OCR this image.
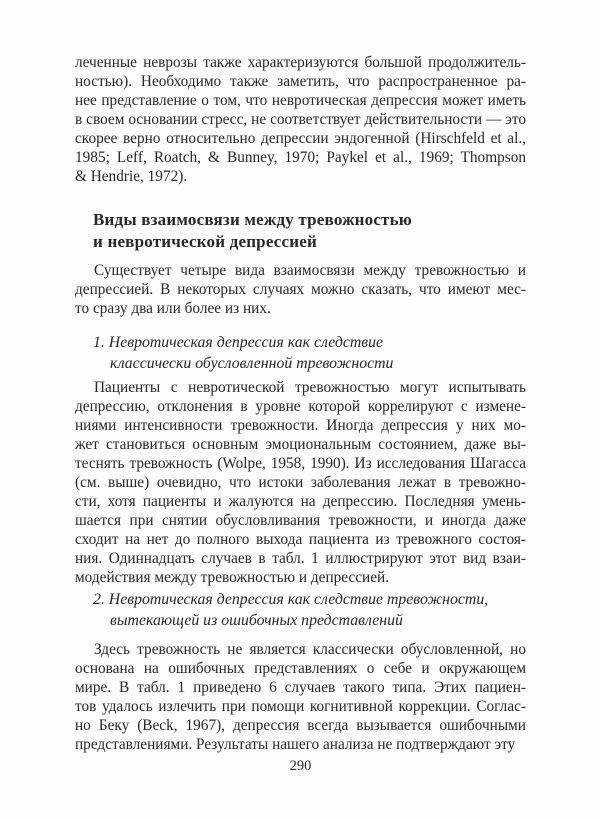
леченные неврозы также характеризуются большой продолжитель-
ностью). Необходимо также заметить, что распространенное ра-
нее представление о том, что невротическая депрессия может иметь
в своем основании стресс, не соответствует действительности — это
скорее верно относительно депрессии эндогенной (Hirschfeld et al.,
1985; Leff, Roatch, & Bunney, 1970; Paykel et al., 1969; Thompson
& Hendrie, 1972).
Виды взаимосвязи между тревожностью
и невротической депрессией
Существует четыре вида взаимосвязи между тревожностью и
депрессией. В некоторых случаях можно сказать, что имеют мес-
то сразу два или более из них.
1. Невротическая депрессия как следствие
классически обусловленной тревожности
Пациенты с невротической тревожностью могут испытывать
депрессию, отклонения в уровне которой коррелируют с измене-
ниями интенсивности тревожности. Иногда депрессия у них мо-
жет становиться основным эмоциональным состоянием, даже вы-
теснять тревожность (Wolpe, 1958, 1990). Из исследования Шагасса
(см. выше) очевидно, что истоки заболевания лежат в тревожно-
сти, хотя пациенты и жалуются на депрессию. Последняя умень-
шается при снятии обусловливания тревожности, и иногда даже
сходит на нет до полного выхода пациента из тревожного состоя-
ния. Одиннадцать случаев в табл. 1 иллюстрируют этот вид взаи-
модействия между тревожностью и депрессией.
2. Невротическая депрессия как следствие тревожности,
вытекающей из ошибочных представлений
Здесь тревожность не является классически обусловленной, но
основана на ошибочных представлениях о себе и окружающем
мире. В табл. 1 приведено 6 случаев такого типа. Этих пациен-
тов удалось излечить при помощи когнитивной коррекции. Соглас-
но Беку (Beck, 1967), депрессия всегда вызывается ошибочными
представлениями. Результаты нашего анализа не подтверждают эту
290
